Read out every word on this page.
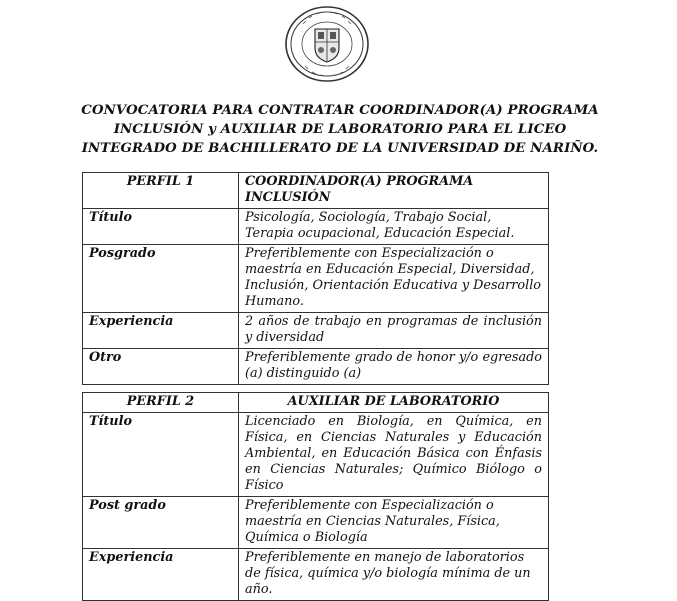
CONVOCATORIA PARA CONTRATAR COORDINADOR(A) PROGRAMA
INCLUSIÓN y AUXILIAR DE LABORATORIO PARA EL LICEO
INTEGRADO DE BACHILLERATO DE LA UNIVERSIDAD DE NARIÑO.
PERFIL 1	COORDINADOR(A) PROGRAMA INCLUSIÓN
Título	Psicología, Sociología, Trabajo Social, Terapia ocupacional, Educación Especial.
Posgrado	Preferiblemente con Especialización o maestría en Educación Especial, Diversidad, Inclusión, Orientación Educativa y Desarrollo Humano.
Experiencia	2 años de trabajo en programas de inclusión y diversidad
Otro	Preferiblemente grado de honor y/o egresado (a) distinguido (a)
PERFIL 2	AUXILIAR DE LABORATORIO
Título	Licenciado en Biología, en Química, en Física, en Ciencias Naturales y Educación Ambiental, en Educación Básica con Énfasis en Ciencias Naturales; Químico Biólogo o Físico
Post grado	Preferiblemente con Especialización o maestría en Ciencias Naturales, Física, Química o Biología
Experiencia	Preferiblemente en manejo de laboratorios de física, química y/o biología mínima de un año.
